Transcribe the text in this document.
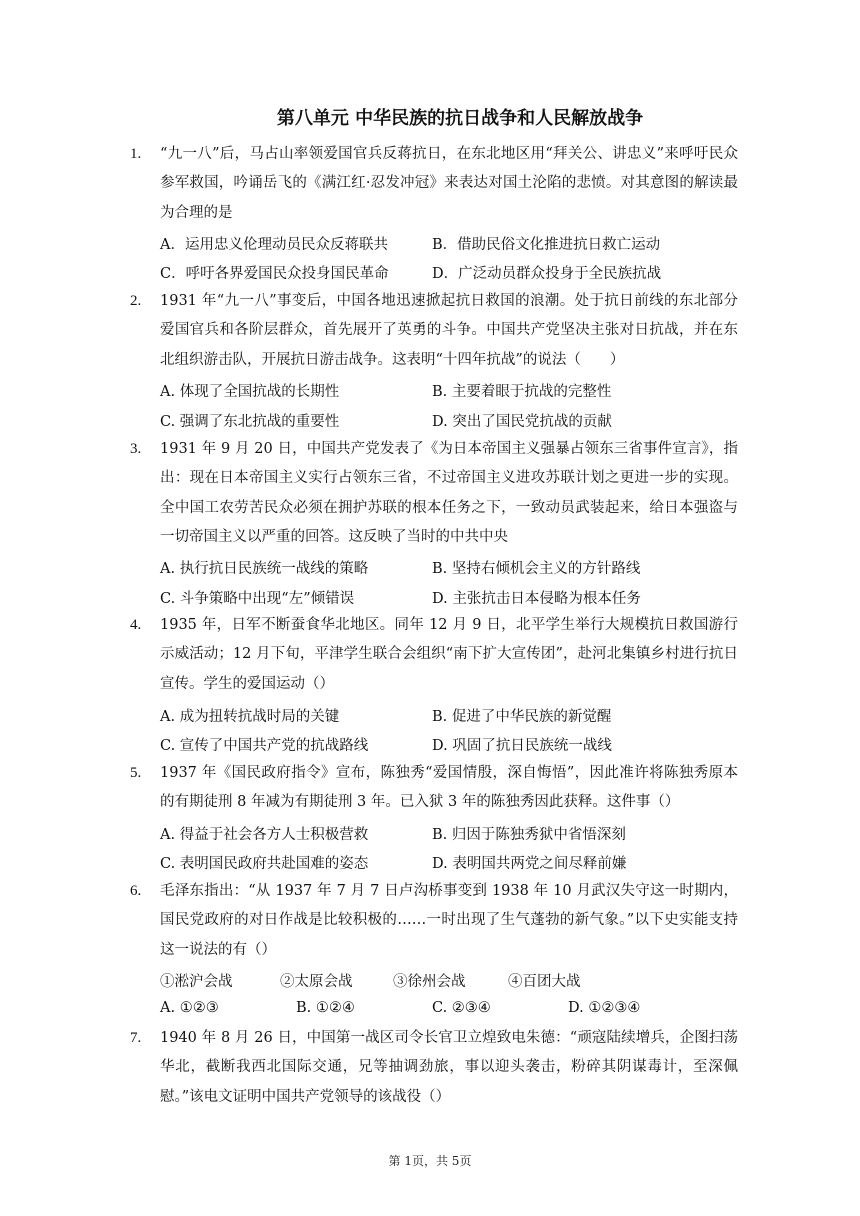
第八单元 中华民族的抗日战争和人民解放战争
1. “九一八”后，马占山率领爱国官兵反蒋抗日，在东北地区用“拜关公、讲忠义”来呼吁民众参军救国，吟诵岳飞的《满江红·忍发冲冠》来表达对国土沦陷的悲愤。对其意图的解读最为合理的是
A．运用忠义伦理动员民众反蒋联共	B．借助民俗文化推进抗日救亡运动
C．呼吁各界爱国民众投身国民革命	D．广泛动员群众投身于全民族抗战
2. 1931 年“九一八”事变后，中国各地迅速掀起抗日救国的浪潮。处于抗日前线的东北部分爱国官兵和各阶层群众，首先展开了英勇的斗争。中国共产党坚决主张对日抗战，并在东北组织游击队，开展抗日游击战争。这表明“十四年抗战”的说法（　　）
A. 体现了全国抗战的长期性	B. 主要着眼于抗战的完整性
C. 强调了东北抗战的重要性	D. 突出了国民党抗战的贡献
3. 1931 年 9 月 20 日，中国共产党发表了《为日本帝国主义强暴占领东三省事件宣言》，指出：现在日本帝国主义实行占领东三省，不过帝国主义进攻苏联计划之更进一步的实现。全中国工农劳苦民众必须在拥护苏联的根本任务之下，一致动员武装起来，给日本强盗与一切帝国主义以严重的回答。这反映了当时的中共中央
A. 执行抗日民族统一战线的策略	B. 坚持右倾机会主义的方针路线
C. 斗争策略中出现“左”倾错误	D. 主张抗击日本侵略为根本任务
4. 1935 年，日军不断蚕食华北地区。同年 12 月 9 日，北平学生举行大规模抗日救国游行示威活动；12 月下旬，平津学生联合会组织“南下扩大宣传团”，赴河北集镇乡村进行抗日宣传。学生的爱国运动（）
A. 成为扭转抗战时局的关键	B. 促进了中华民族的新觉醒
C. 宣传了中国共产党的抗战路线	D. 巩固了抗日民族统一战线
5. 1937 年《国民政府指令》宣布，陈独秀“爱国情殷，深自悔悟”，因此准许将陈独秀原本的有期徒刑 8 年减为有期徒刑 3 年。已入狱 3 年的陈独秀因此获释。这件事（）
A. 得益于社会各方人士积极营救	B. 归因于陈独秀狱中省悟深刻
C. 表明国民政府共赴国难的姿态	D. 表明国共两党之间尽释前嫌
6. 毛泽东指出：“从 1937 年 7 月 7 日卢沟桥事变到 1938 年 10 月武汉失守这一时期内，国民党政府的对日作战是比较积极的……一时出现了生气蓬勃的新气象。”以下史实能支持这一说法的有（）
①淞沪会战	②太原会战	③徐州会战	④百团大战
A. ①②③	B. ①②④	C. ②③④	D. ①②③④
7. 1940 年 8 月 26 日，中国第一战区司令长官卫立煌致电朱德：“顽寇陆续增兵，企图扫荡华北，截断我西北国际交通，兄等抽调劲旅，事以迎头袭击，粉碎其阴谋毒计，至深佩慰。”该电文证明中国共产党领导的该战役（）
第 1页，共 5页
